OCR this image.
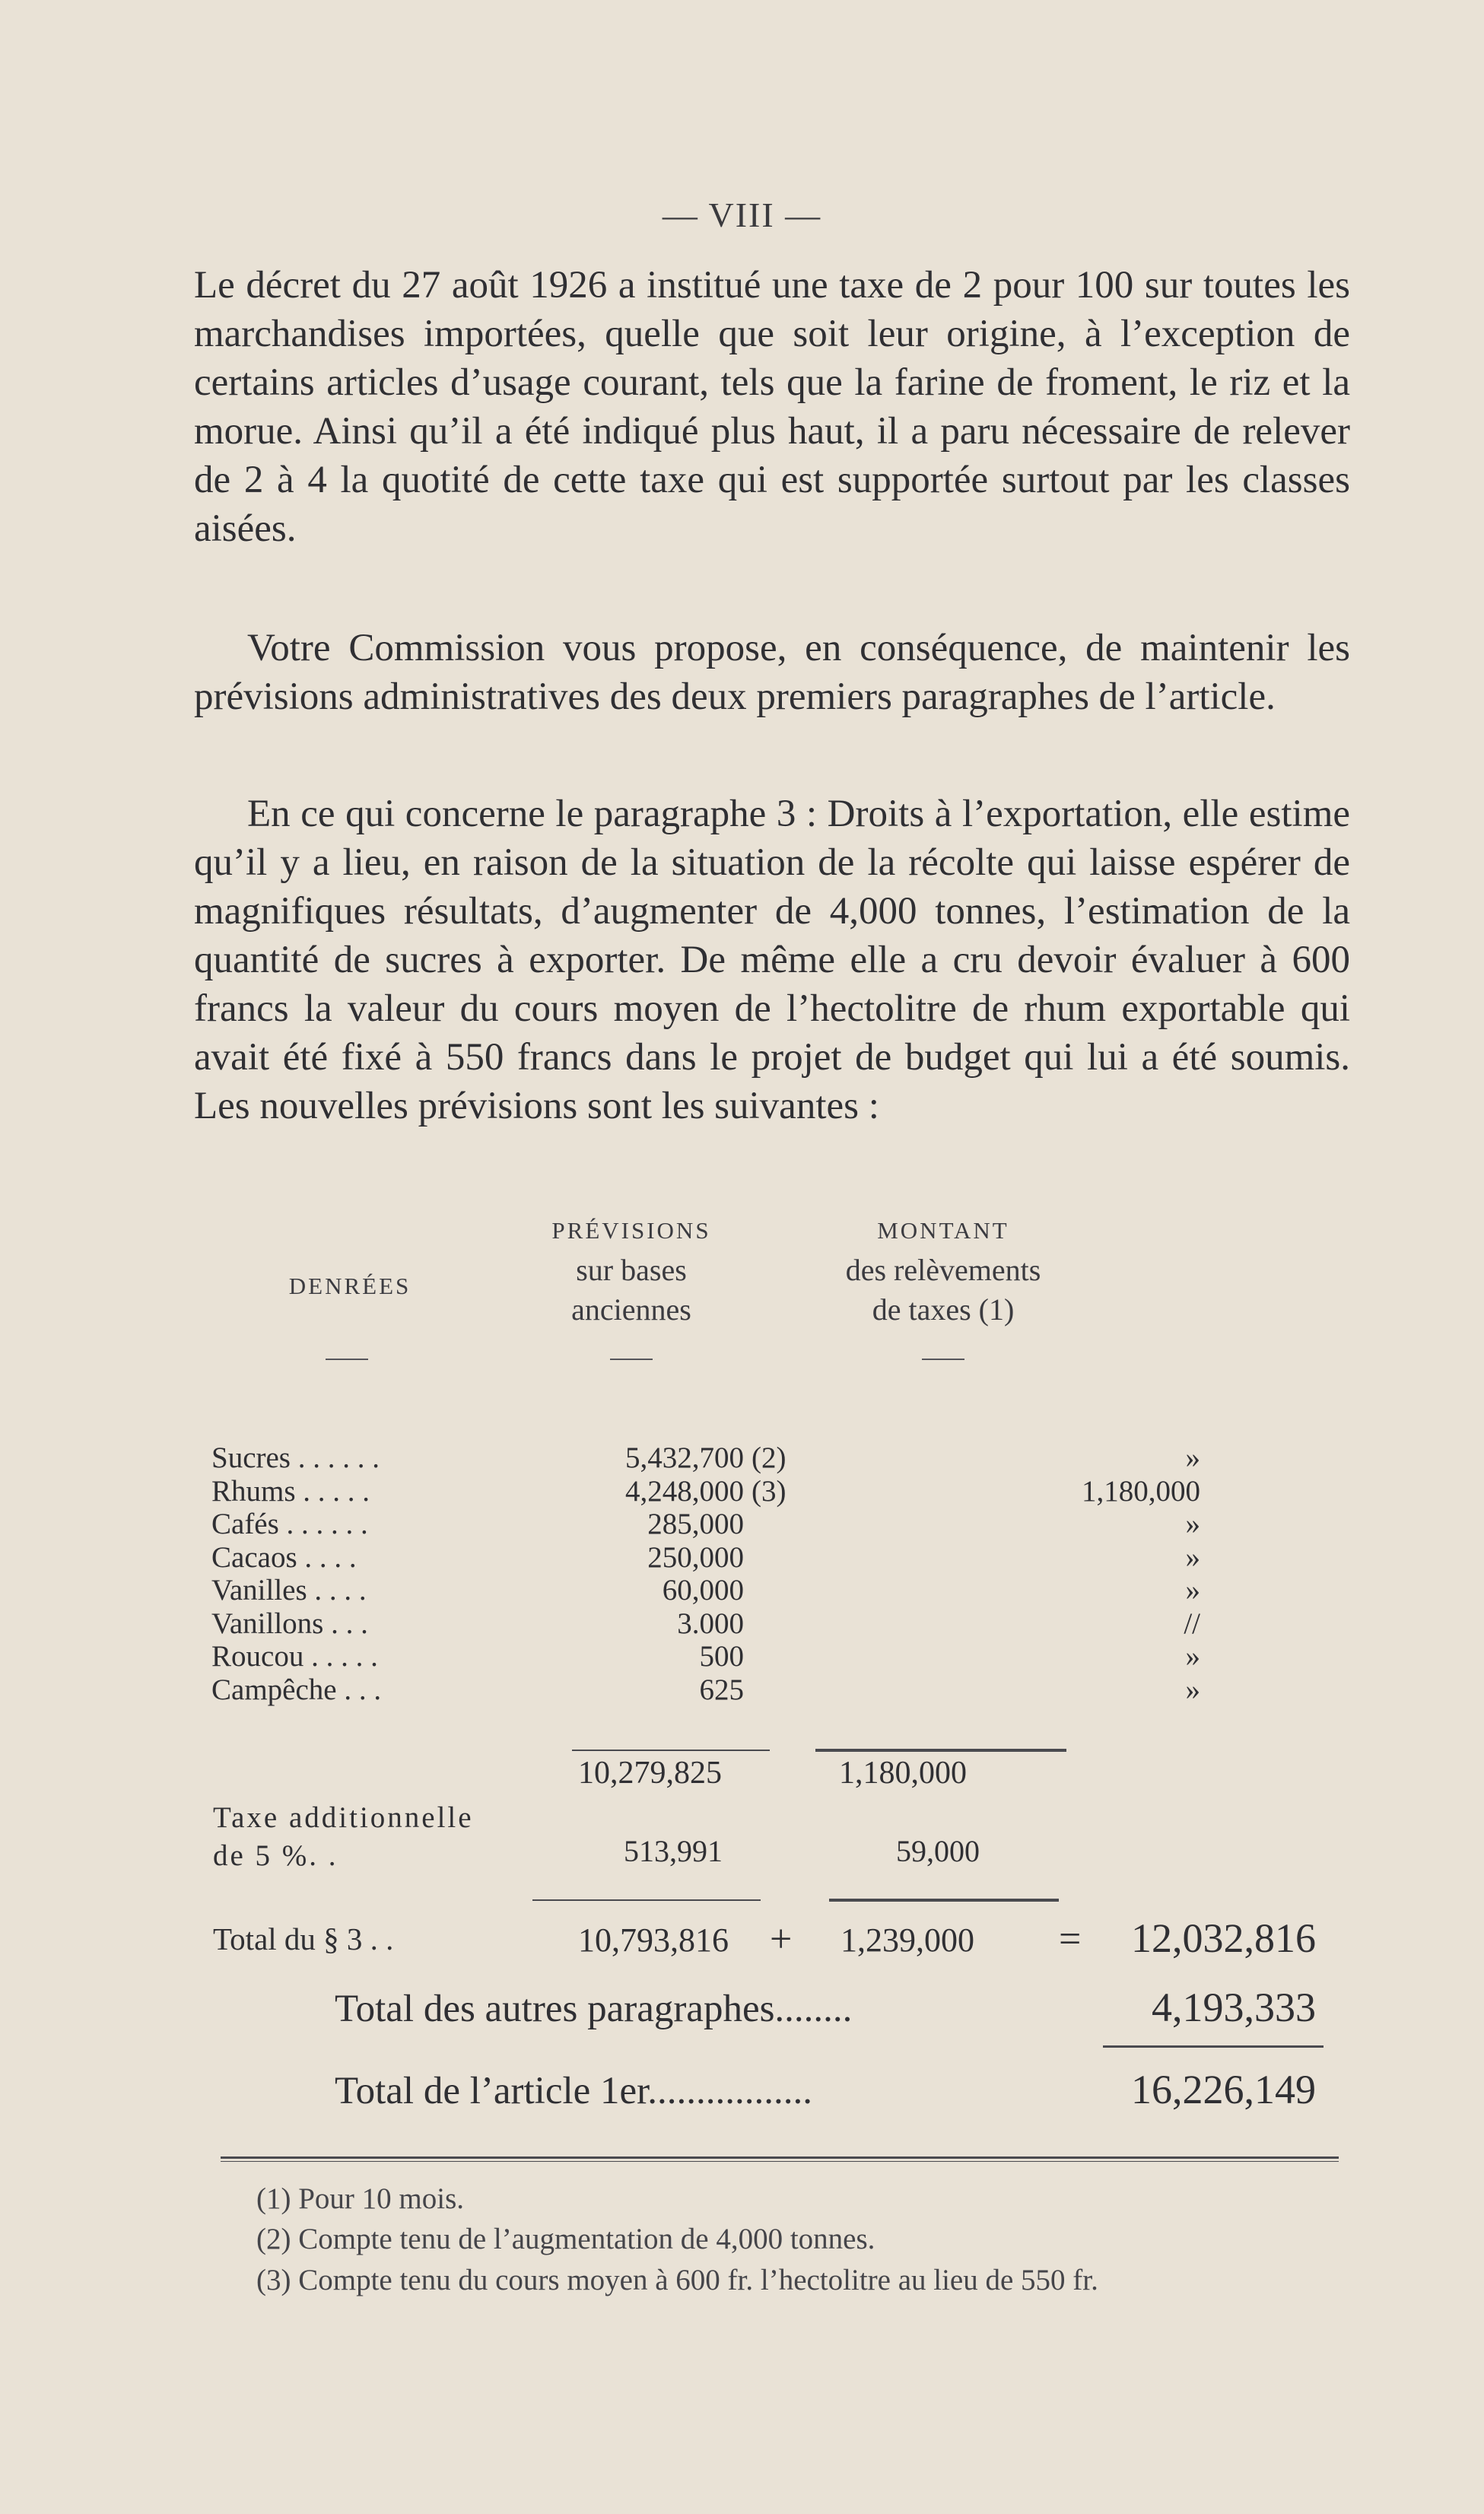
— VIII —

Le décret du 27 août 1926 a institué une taxe de 2 pour 100 sur toutes les marchandises importées, quelle que soit leur origine, à l’exception de certains articles d’usage courant, tels que la farine de froment, le riz et la morue. Ainsi qu’il a été indiqué plus haut, il a paru nécessaire de relever de 2 à 4 la quotité de cette taxe qui est supportée surtout par les classes aisées.

Votre Commission vous propose, en conséquence, de maintenir les prévisions administratives des deux premiers paragraphes de l’article.

En ce qui concerne le paragraphe 3 : Droits à l’exportation, elle estime qu’il y a lieu, en raison de la situation de la récolte qui laisse espérer de magnifiques résultats, d’augmenter de 4,000 tonnes, l’estimation de la quantité de sucres à exporter. De même elle a cru devoir évaluer à 600 francs la valeur du cours moyen de l’hectolitre de rhum exportable qui avait été fixé à 550 francs dans le projet de budget qui lui a été soumis. Les nouvelles prévisions sont les suivantes :

DENRÉES
PRÉVISIONS
sur bases
anciennes
MONTANT
des relèvements
de taxes (1)
Sucres . . . . . .	5,432,700 (2)	»
Rhums . . . . .	4,248,000 (3)	1,180,000
Cafés . . . . . .	285,000	»
Cacaos . . . .	250,000	»
Vanilles . . . .	60,000	»
Vanillons . . .	3.000	//
Roucou . . . . .	500	»
Campêche . . .	625	»
10,279,825	1,180,000
Taxe additionnelle de 5 %. .	513,991	59,000
Total du § 3 . .	10,793,816 + 1,239,000 =	12,032,816
Total des autres paragraphes........	4,193,333
Total de l’article 1er.................	16,226,149
(1) Pour 10 mois.
(2) Compte tenu de l’augmentation de 4,000 tonnes.
(3) Compte tenu du cours moyen à 600 fr. l’hectolitre au lieu de 550 fr.
